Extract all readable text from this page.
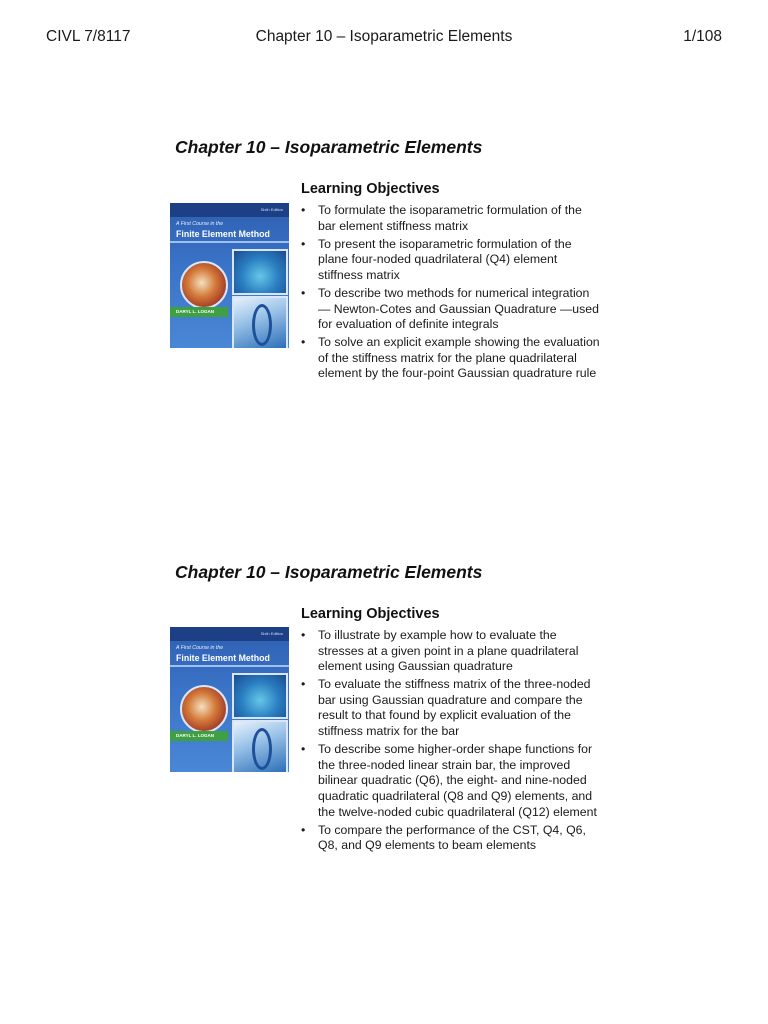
CIVL 7/8117	Chapter 10 – Isoparametric Elements	1/108
Chapter 10 – Isoparametric Elements
Sixth Edition
A First Course in the
Finite Element Method
DARYL L. LOGAN
Learning Objectives
• To formulate the isoparametric formulation of the bar element stiffness matrix
• To present the isoparametric formulation of the plane four-noded quadrilateral (Q4) element stiffness matrix
• To describe two methods for numerical integration— Newton-Cotes and Gaussian Quadrature —used for evaluation of definite integrals
• To solve an explicit example showing the evaluation of the stiffness matrix for the plane quadrilateral element by the four-point Gaussian quadrature rule
Chapter 10 – Isoparametric Elements
Sixth Edition
A First Course in the
Finite Element Method
DARYL L. LOGAN
Learning Objectives
• To illustrate by example how to evaluate the stresses at a given point in a plane quadrilateral element using Gaussian quadrature
• To evaluate the stiffness matrix of the three-noded bar using Gaussian quadrature and compare the result to that found by explicit evaluation of the stiffness matrix for the bar
• To describe some higher-order shape functions for the three-noded linear strain bar, the improved bilinear quadratic (Q6), the eight- and nine-noded quadratic quadrilateral (Q8 and Q9) elements, and the twelve-noded cubic quadrilateral (Q12) element
• To compare the performance of the CST, Q4, Q6, Q8, and Q9 elements to beam elements
